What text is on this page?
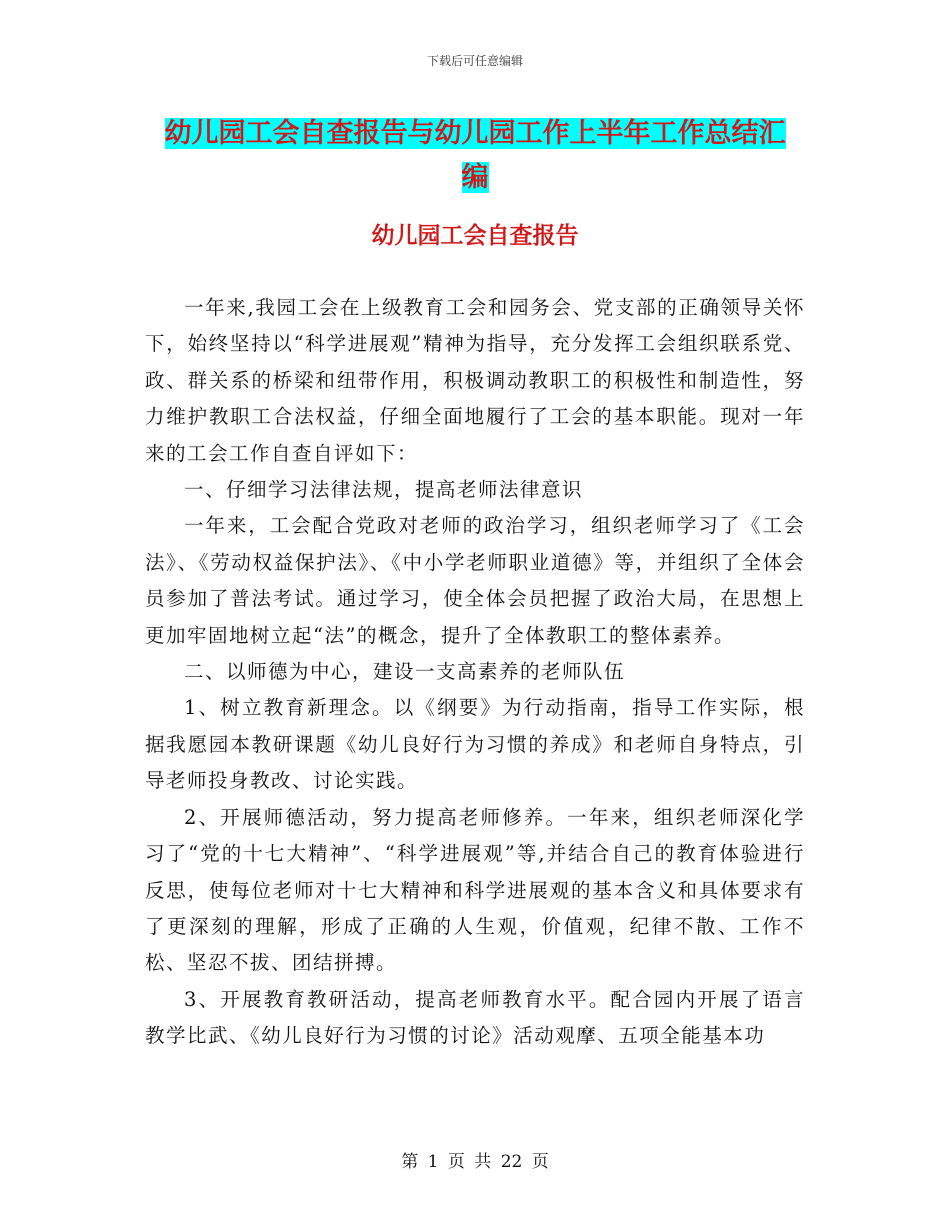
下载后可任意编辑
幼儿园工会自查报告与幼儿园工作上半年工作总结汇
编
幼儿园工会自查报告

一年来,我园工会在上级教育工会和园务会、党支部的正确领导关怀下，始终坚持以“科学进展观”精神为指导，充分发挥工会组织联系党、政、群关系的桥梁和纽带作用，积极调动教职工的积极性和制造性，努力维护教职工合法权益，仔细全面地履行了工会的基本职能。现对一年来的工会工作自查自评如下：

一、仔细学习法律法规，提高老师法律意识

一年来，工会配合党政对老师的政治学习，组织老师学习了《工会法》、《劳动权益保护法》、《中小学老师职业道德》等，并组织了全体会员参加了普法考试。通过学习，使全体会员把握了政治大局，在思想上更加牢固地树立起“法”的概念，提升了全体教职工的整体素养。

二、以师德为中心，建设一支高素养的老师队伍

1、树立教育新理念。以《纲要》为行动指南，指导工作实际，根据我愿园本教研课题《幼儿良好行为习惯的养成》和老师自身特点，引导老师投身教改、讨论实践。

2、开展师德活动，努力提高老师修养。一年来，组织老师深化学习了“党的十七大精神”、“科学进展观”等,并结合自己的教育体验进行反思，使每位老师对十七大精神和科学进展观的基本含义和具体要求有了更深刻的理解，形成了正确的人生观，价值观，纪律不散、工作不松、坚忍不拔、团结拼搏。

3、开展教育教研活动，提高老师教育水平。配合园内开展了语言教学比武、《幼儿良好行为习惯的讨论》活动观摩、五项全能基本功

第 1 页 共 22 页
